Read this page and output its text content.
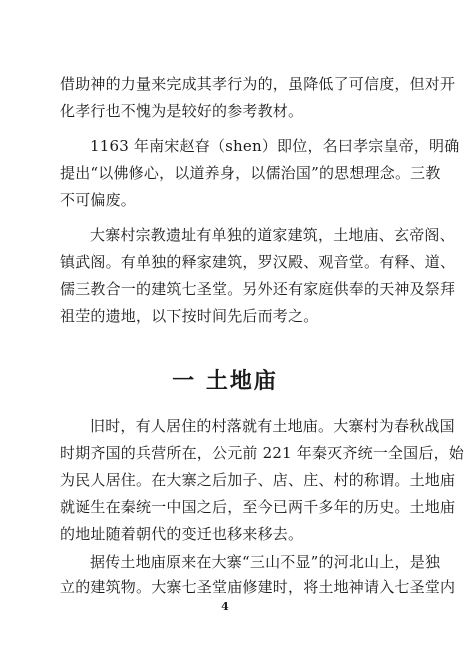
借助神的力量来完成其孝行为的，虽降低了可信度，但对开
化孝行也不愧为是较好的参考教材。
1163 年南宋赵昚（shen）即位，名曰孝宗皇帝，明确
提出“以佛修心，以道养身，以儒治国”的思想理念。三教
不可偏废。
大寨村宗教遗址有单独的道家建筑，土地庙、玄帝阁、
镇武阁。有单独的释家建筑，罗汉殿、观音堂。有释、道、
儒三教合一的建筑七圣堂。另外还有家庭供奉的天神及祭拜
祖茔的遗地，以下按时间先后而考之。
一 土地庙
旧时，有人居住的村落就有土地庙。大寨村为春秋战国
时期齐国的兵营所在，公元前 221 年秦灭齐统一全国后，始
为民人居住。在大寨之后加子、店、庄、村的称谓。土地庙
就诞生在秦统一中国之后，至今已两千多年的历史。土地庙
的地址随着朝代的变迁也移来移去。
据传土地庙原来在大寨“三山不显”的河北山上，是独
立的建筑物。大寨七圣堂庙修建时，将土地神请入七圣堂内
4
